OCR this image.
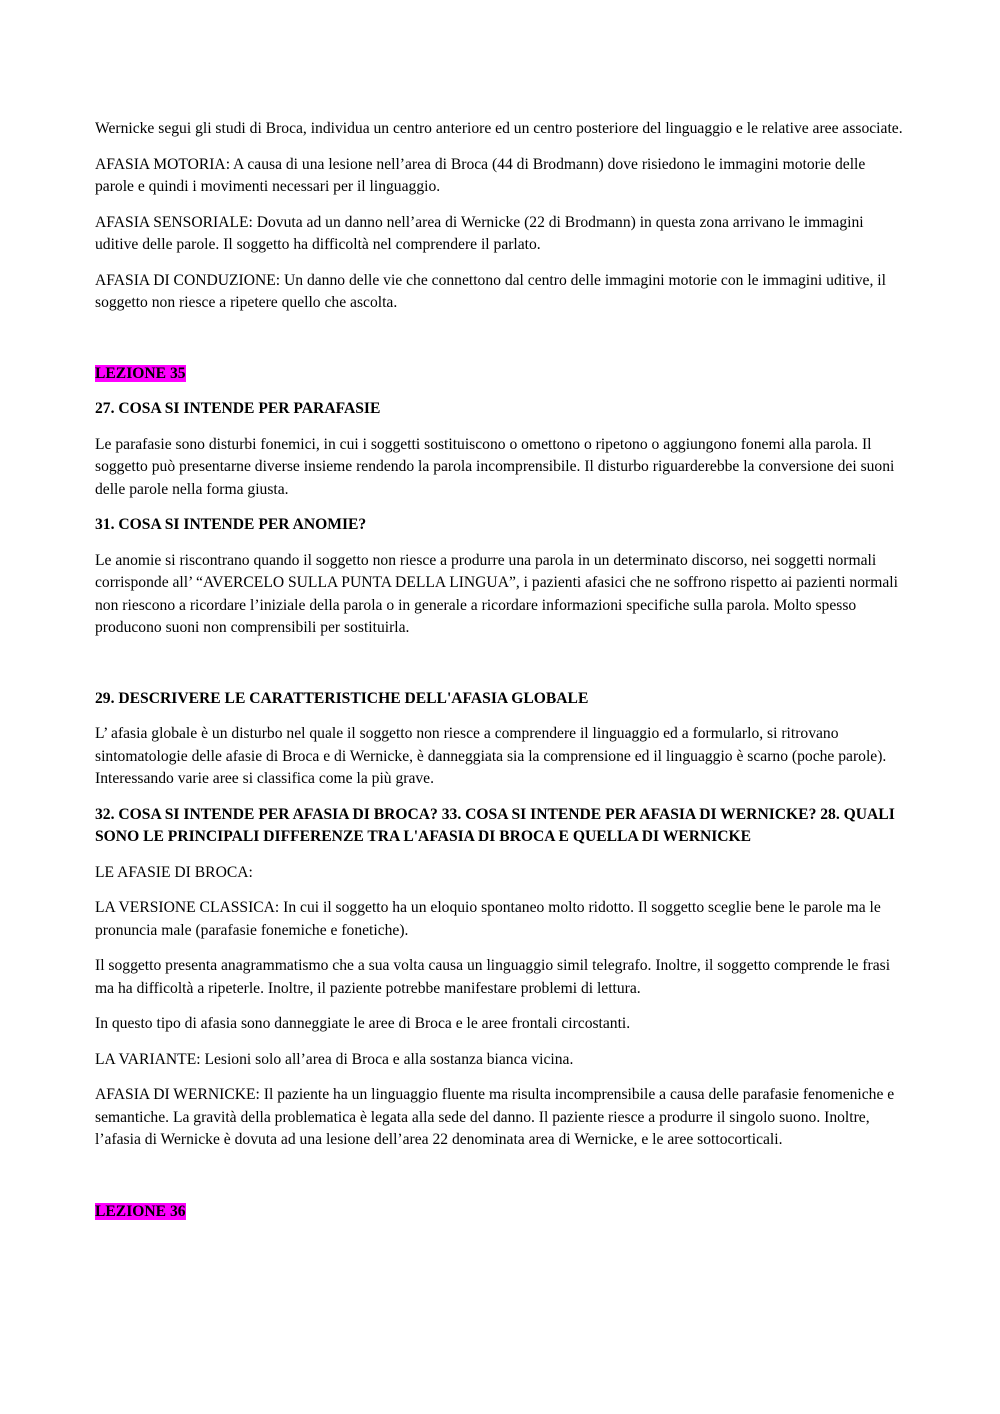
Wernicke segui gli studi di Broca, individua un centro anteriore ed un centro posteriore del linguaggio e le relative aree associate.

AFASIA MOTORIA: A causa di una lesione nell’area di Broca (44 di Brodmann) dove risiedono le immagini motorie delle parole e quindi i movimenti necessari per il linguaggio.

AFASIA SENSORIALE: Dovuta ad un danno nell’area di Wernicke (22 di Brodmann) in questa zona arrivano le immagini uditive delle parole. Il soggetto ha difficoltà nel comprendere il parlato.

AFASIA DI CONDUZIONE: Un danno delle vie che connettono dal centro delle immagini motorie con le immagini uditive, il soggetto non riesce a ripetere quello che ascolta.

LEZIONE 35

27. COSA SI INTENDE PER PARAFASIE

Le parafasie sono disturbi fonemici, in cui i soggetti sostituiscono o omettono o ripetono o aggiungono fonemi alla parola. Il soggetto può presentarne diverse insieme rendendo la parola incomprensibile. Il disturbo riguarderebbe la conversione dei suoni delle parole nella forma giusta.

31. COSA SI INTENDE PER ANOMIE?

Le anomie si riscontrano quando il soggetto non riesce a produrre una parola in un determinato discorso, nei soggetti normali corrisponde all’ “AVERCELO SULLA PUNTA DELLA LINGUA”, i pazienti afasici che ne soffrono rispetto ai pazienti normali non riescono a ricordare l’iniziale della parola o in generale a ricordare informazioni specifiche sulla parola. Molto spesso producono suoni non comprensibili per sostituirla.

29. DESCRIVERE LE CARATTERISTICHE DELL'AFASIA GLOBALE

L’ afasia globale è un disturbo nel quale il soggetto non riesce a comprendere il linguaggio ed a formularlo, si ritrovano sintomatologie delle afasie di Broca e di Wernicke, è danneggiata sia la comprensione ed il linguaggio è scarno (poche parole). Interessando varie aree si classifica come la più grave.

32. COSA SI INTENDE PER AFASIA DI BROCA? 33. COSA SI INTENDE PER AFASIA DI WERNICKE? 28. QUALI SONO LE PRINCIPALI DIFFERENZE TRA L'AFASIA DI BROCA E QUELLA DI WERNICKE

LE AFASIE DI BROCA:

LA VERSIONE CLASSICA: In cui il soggetto ha un eloquio spontaneo molto ridotto. Il soggetto sceglie bene le parole ma le pronuncia male (parafasie fonemiche e fonetiche).

Il soggetto presenta anagrammatismo che a sua volta causa un linguaggio simil telegrafo. Inoltre, il soggetto comprende le frasi ma ha difficoltà a ripeterle. Inoltre, il paziente potrebbe manifestare problemi di lettura.

In questo tipo di afasia sono danneggiate le aree di Broca e le aree frontali circostanti.

LA VARIANTE: Lesioni solo all’area di Broca e alla sostanza bianca vicina.

AFASIA DI WERNICKE: Il paziente ha un linguaggio fluente ma risulta incomprensibile a causa delle parafasie fenomeniche e semantiche. La gravità della problematica è legata alla sede del danno. Il paziente riesce a produrre il singolo suono. Inoltre, l’afasia di Wernicke è dovuta ad una lesione dell’area 22 denominata area di Wernicke, e le aree sottocorticali.

LEZIONE 36
